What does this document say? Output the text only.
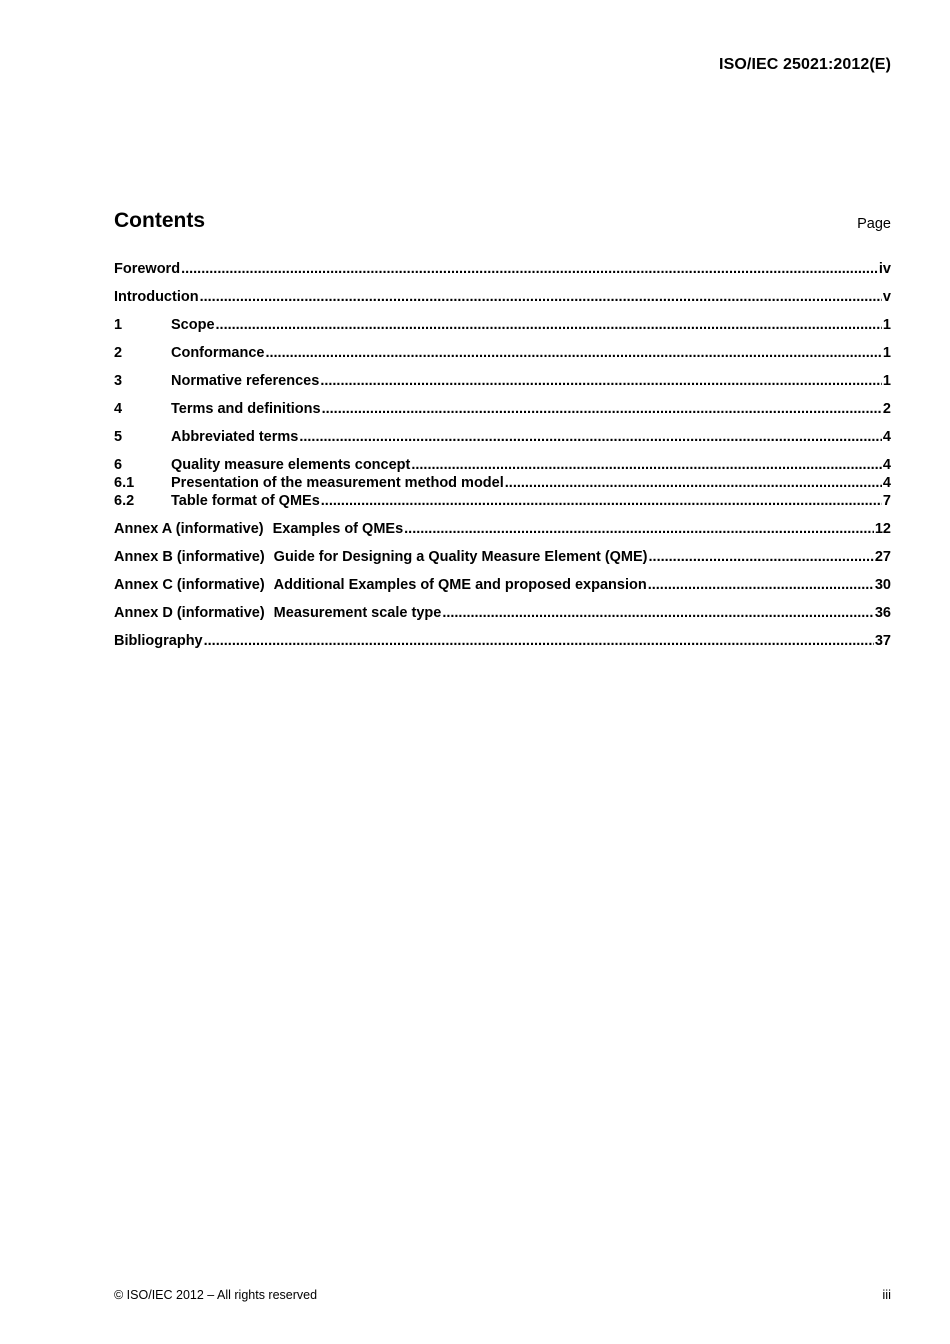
ISO/IEC 25021:2012(E)
Contents	Page
Foreword .....	iv
Introduction .....	v
1	Scope .....	1
2	Conformance .....	1
3	Normative references .....	1
4	Terms and definitions .....	2
5	Abbreviated terms .....	4
6	Quality measure elements concept .....	4
6.1	Presentation of the measurement method model .....	4
6.2	Table format of QMEs .....	7
Annex A (informative) Examples of QMEs .....	12
Annex B (informative) Guide for Designing a Quality Measure Element (QME) .....	27
Annex C (informative) Additional Examples of QME and proposed expansion .....	30
Annex D (informative) Measurement scale type .....	36
Bibliography .....	37
© ISO/IEC 2012 – All rights reserved	iii
